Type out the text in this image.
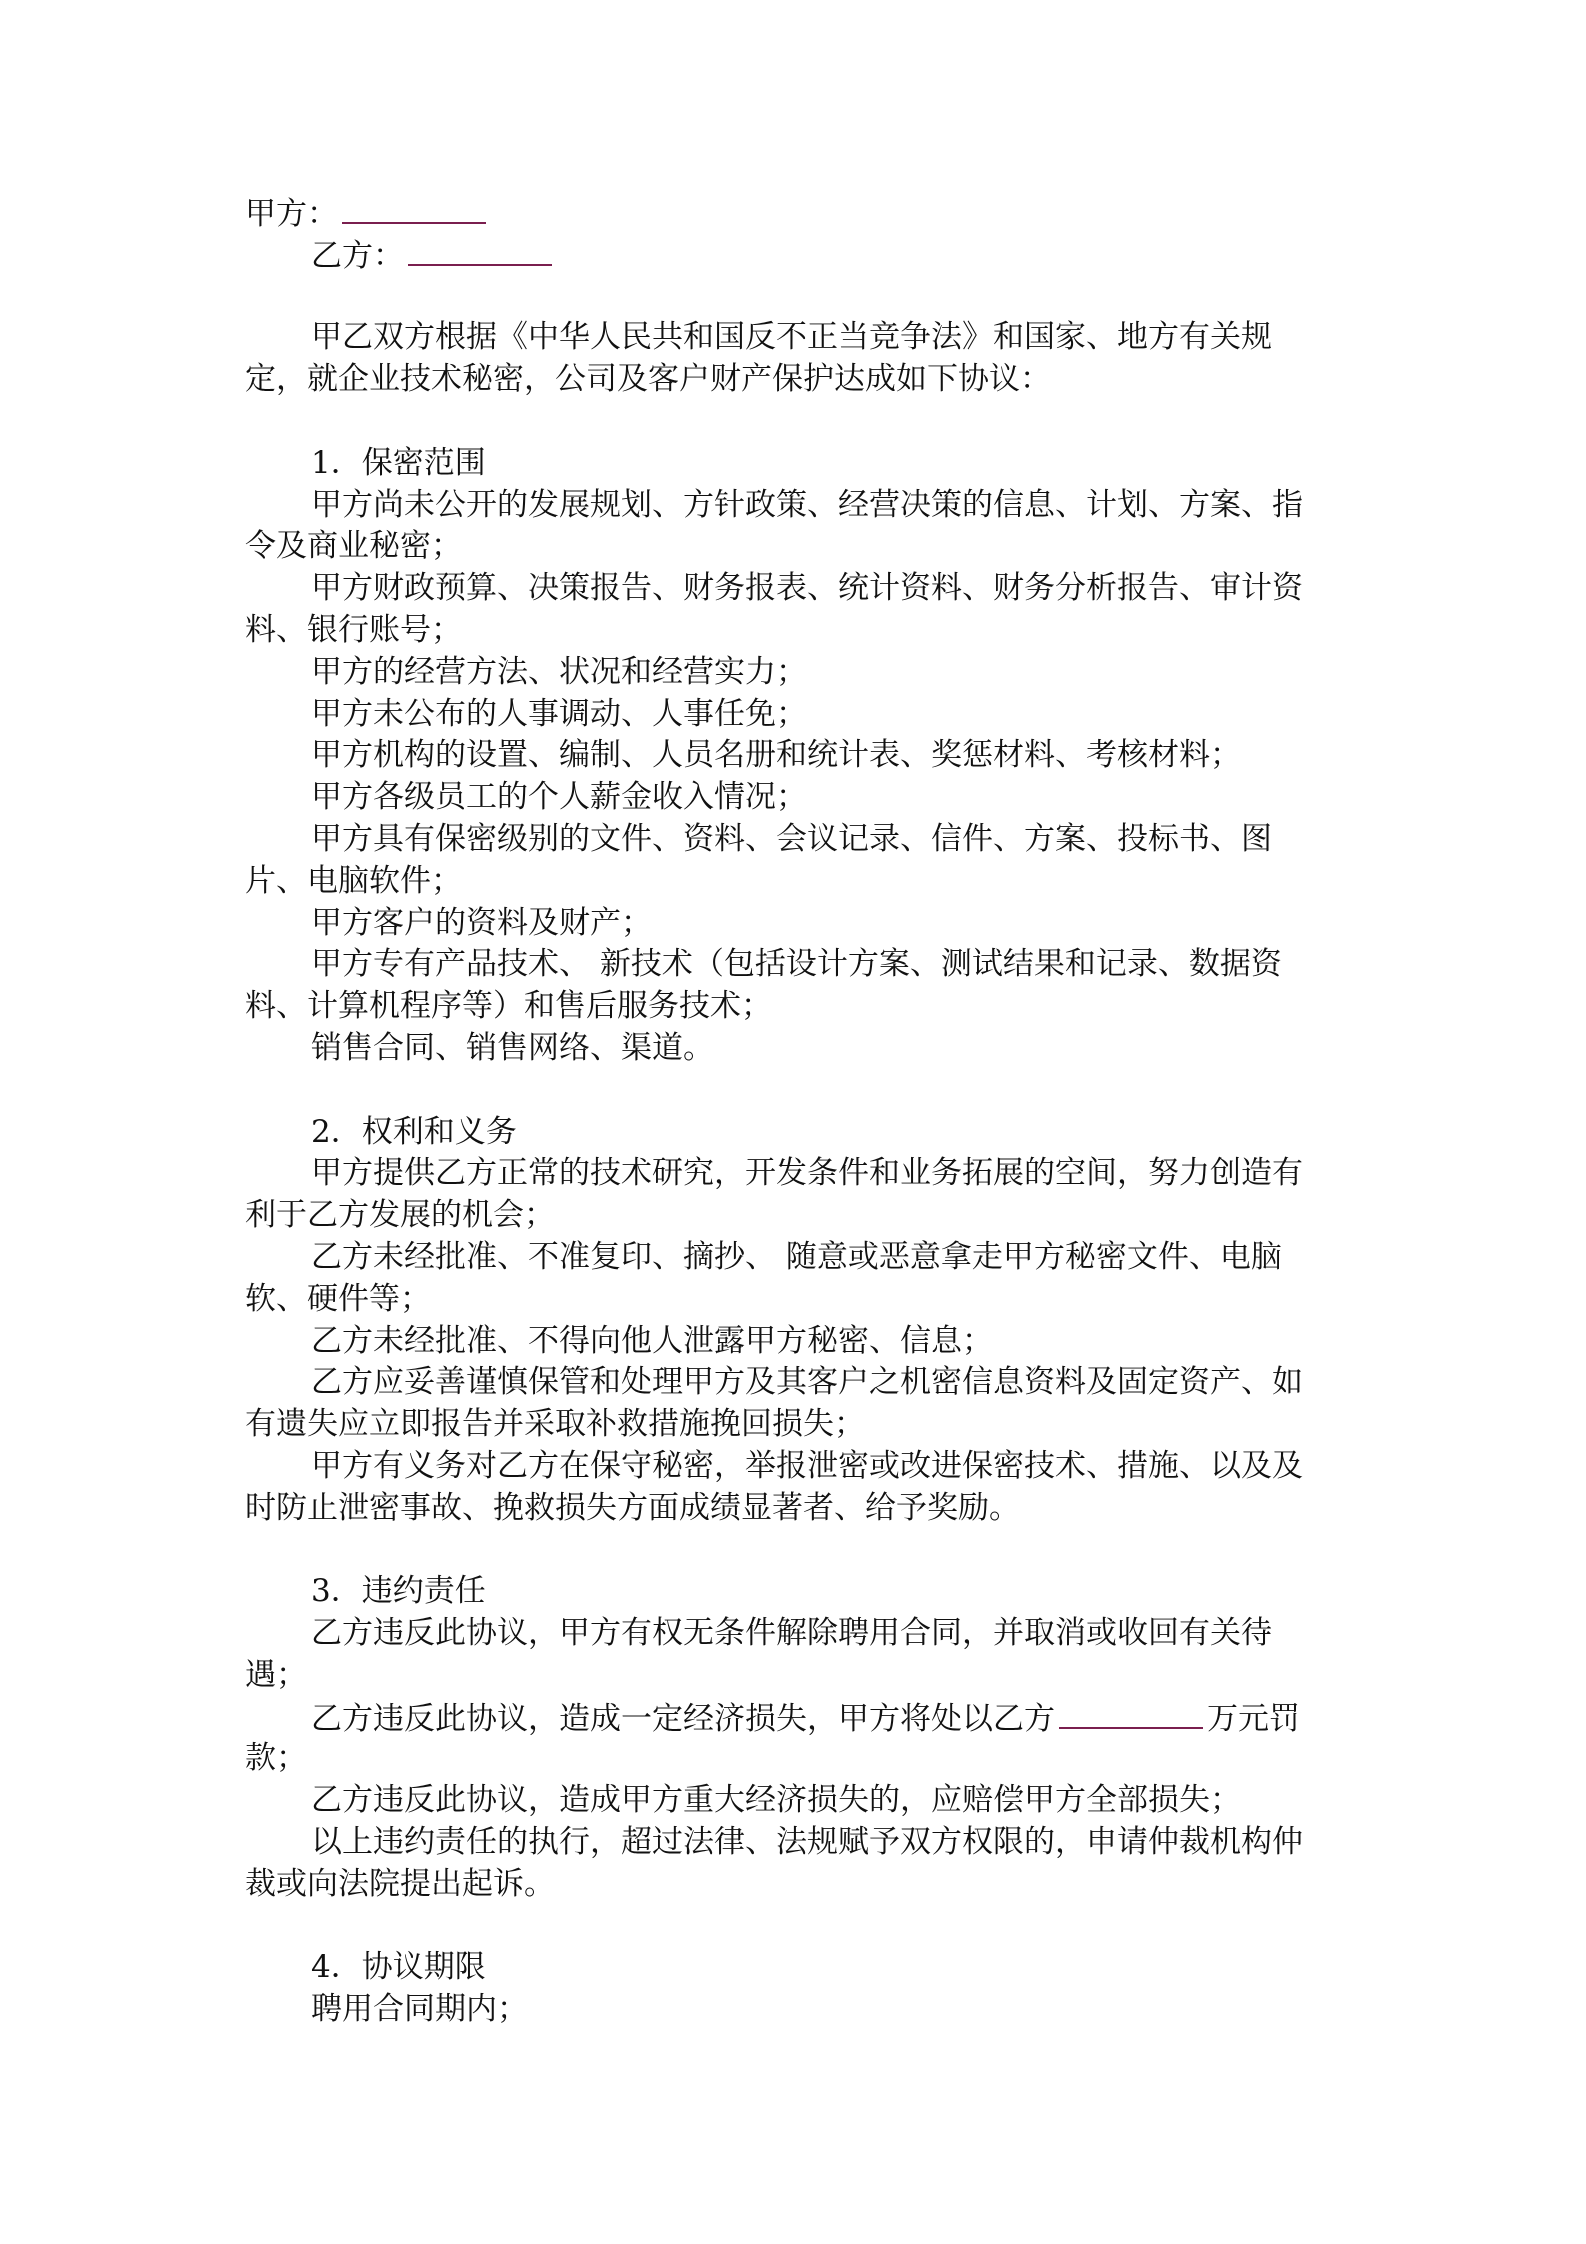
甲方：
乙方：
甲乙双方根据《中华人民共和国反不正当竞争法》和国家、地方有关规
定，就企业技术秘密，公司及客户财产保护达成如下协议：
1．保密范围
甲方尚未公开的发展规划、方针政策、经营决策的信息、计划、方案、指
令及商业秘密；
甲方财政预算、决策报告、财务报表、统计资料、财务分析报告、审计资
料、银行账号；
甲方的经营方法、状况和经营实力；
甲方未公布的人事调动、人事任免；
甲方机构的设置、编制、人员名册和统计表、奖惩材料、考核材料；
甲方各级员工的个人薪金收入情况；
甲方具有保密级别的文件、资料、会议记录、信件、方案、投标书、图
片、电脑软件；
甲方客户的资料及财产；
甲方专有产品技术、 新技术（包括设计方案、测试结果和记录、数据资
料、计算机程序等）和售后服务技术；
销售合同、销售网络、渠道。
2．权利和义务
甲方提供乙方正常的技术研究，开发条件和业务拓展的空间，努力创造有
利于乙方发展的机会；
乙方未经批准、不准复印、摘抄、 随意或恶意拿走甲方秘密文件、电脑
软、硬件等；
乙方未经批准、不得向他人泄露甲方秘密、信息；
乙方应妥善谨慎保管和处理甲方及其客户之机密信息资料及固定资产、如
有遗失应立即报告并采取补救措施挽回损失；
甲方有义务对乙方在保守秘密，举报泄密或改进保密技术、措施、以及及
时防止泄密事故、挽救损失方面成绩显著者、给予奖励。
3．违约责任
乙方违反此协议，甲方有权无条件解除聘用合同，并取消或收回有关待
遇；
乙方违反此协议，造成一定经济损失，甲方将处以乙方	万元罚
款；
乙方违反此协议，造成甲方重大经济损失的，应赔偿甲方全部损失；
以上违约责任的执行，超过法律、法规赋予双方权限的，申请仲裁机构仲
裁或向法院提出起诉。
4．协议期限
聘用合同期内；
